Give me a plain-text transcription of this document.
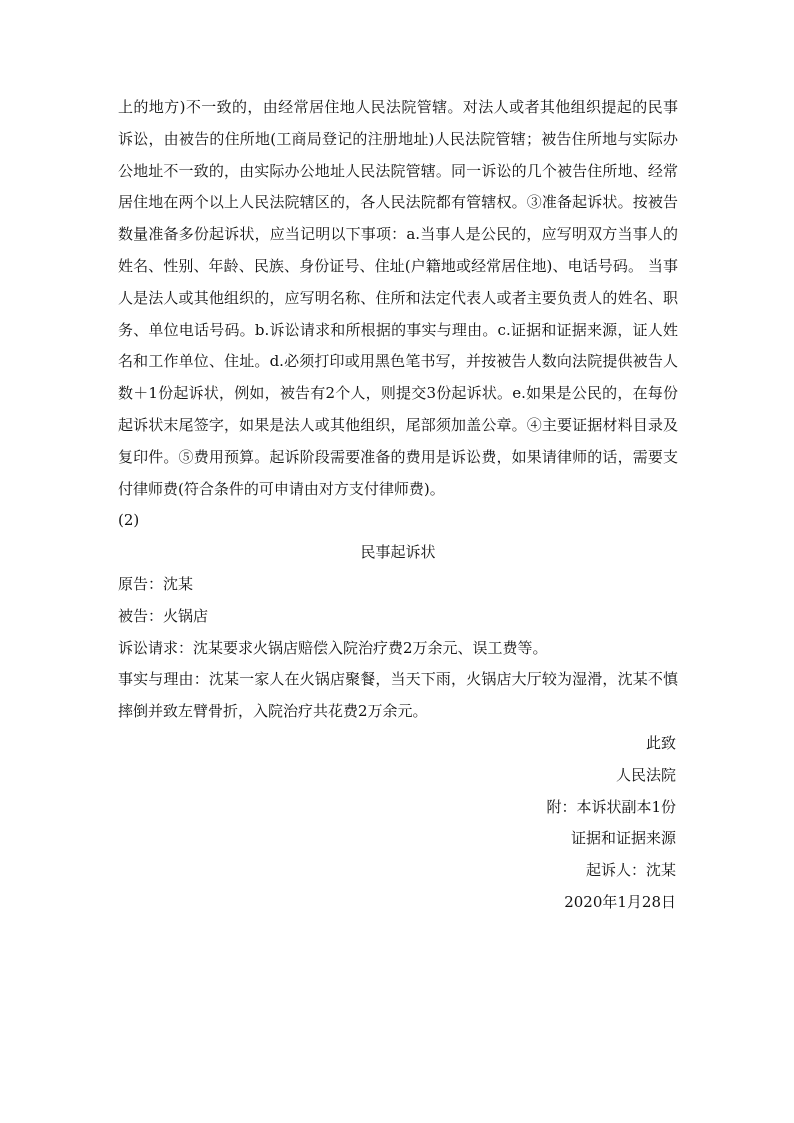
上的地方)不一致的，由经常居住地人民法院管辖。对法人或者其他组织提起的民事诉讼，由被告的住所地(工商局登记的注册地址)人民法院管辖；被告住所地与实际办公地址不一致的，由实际办公地址人民法院管辖。同一诉讼的几个被告住所地、经常居住地在两个以上人民法院辖区的，各人民法院都有管辖权。③准备起诉状。按被告数量准备多份起诉状，应当记明以下事项：a.当事人是公民的，应写明双方当事人的姓名、性别、年龄、民族、身份证号、住址(户籍地或经常居住地)、电话号码。 当事人是法人或其他组织的，应写明名称、住所和法定代表人或者主要负责人的姓名、职务、单位电话号码。b.诉讼请求和所根据的事实与理由。c.证据和证据来源，证人姓名和工作单位、住址。d.必须打印或用黑色笔书写，并按被告人数向法院提供被告人数＋1份起诉状，例如，被告有2个人，则提交3份起诉状。e.如果是公民的，在每份起诉状末尾签字，如果是法人或其他组织，尾部须加盖公章。④主要证据材料目录及复印件。⑤费用预算。起诉阶段需要准备的费用是诉讼费，如果请律师的话，需要支付律师费(符合条件的可申请由对方支付律师费)。

(2)

民事起诉状

原告：沈某

被告：火锅店

诉讼请求：沈某要求火锅店赔偿入院治疗费2万余元、误工费等。

事实与理由：沈某一家人在火锅店聚餐，当天下雨，火锅店大厅较为湿滑，沈某不慎摔倒并致左臂骨折，入院治疗共花费2万余元。

此致

人民法院

附：本诉状副本1份

证据和证据来源

起诉人：沈某

2020年1月28日
